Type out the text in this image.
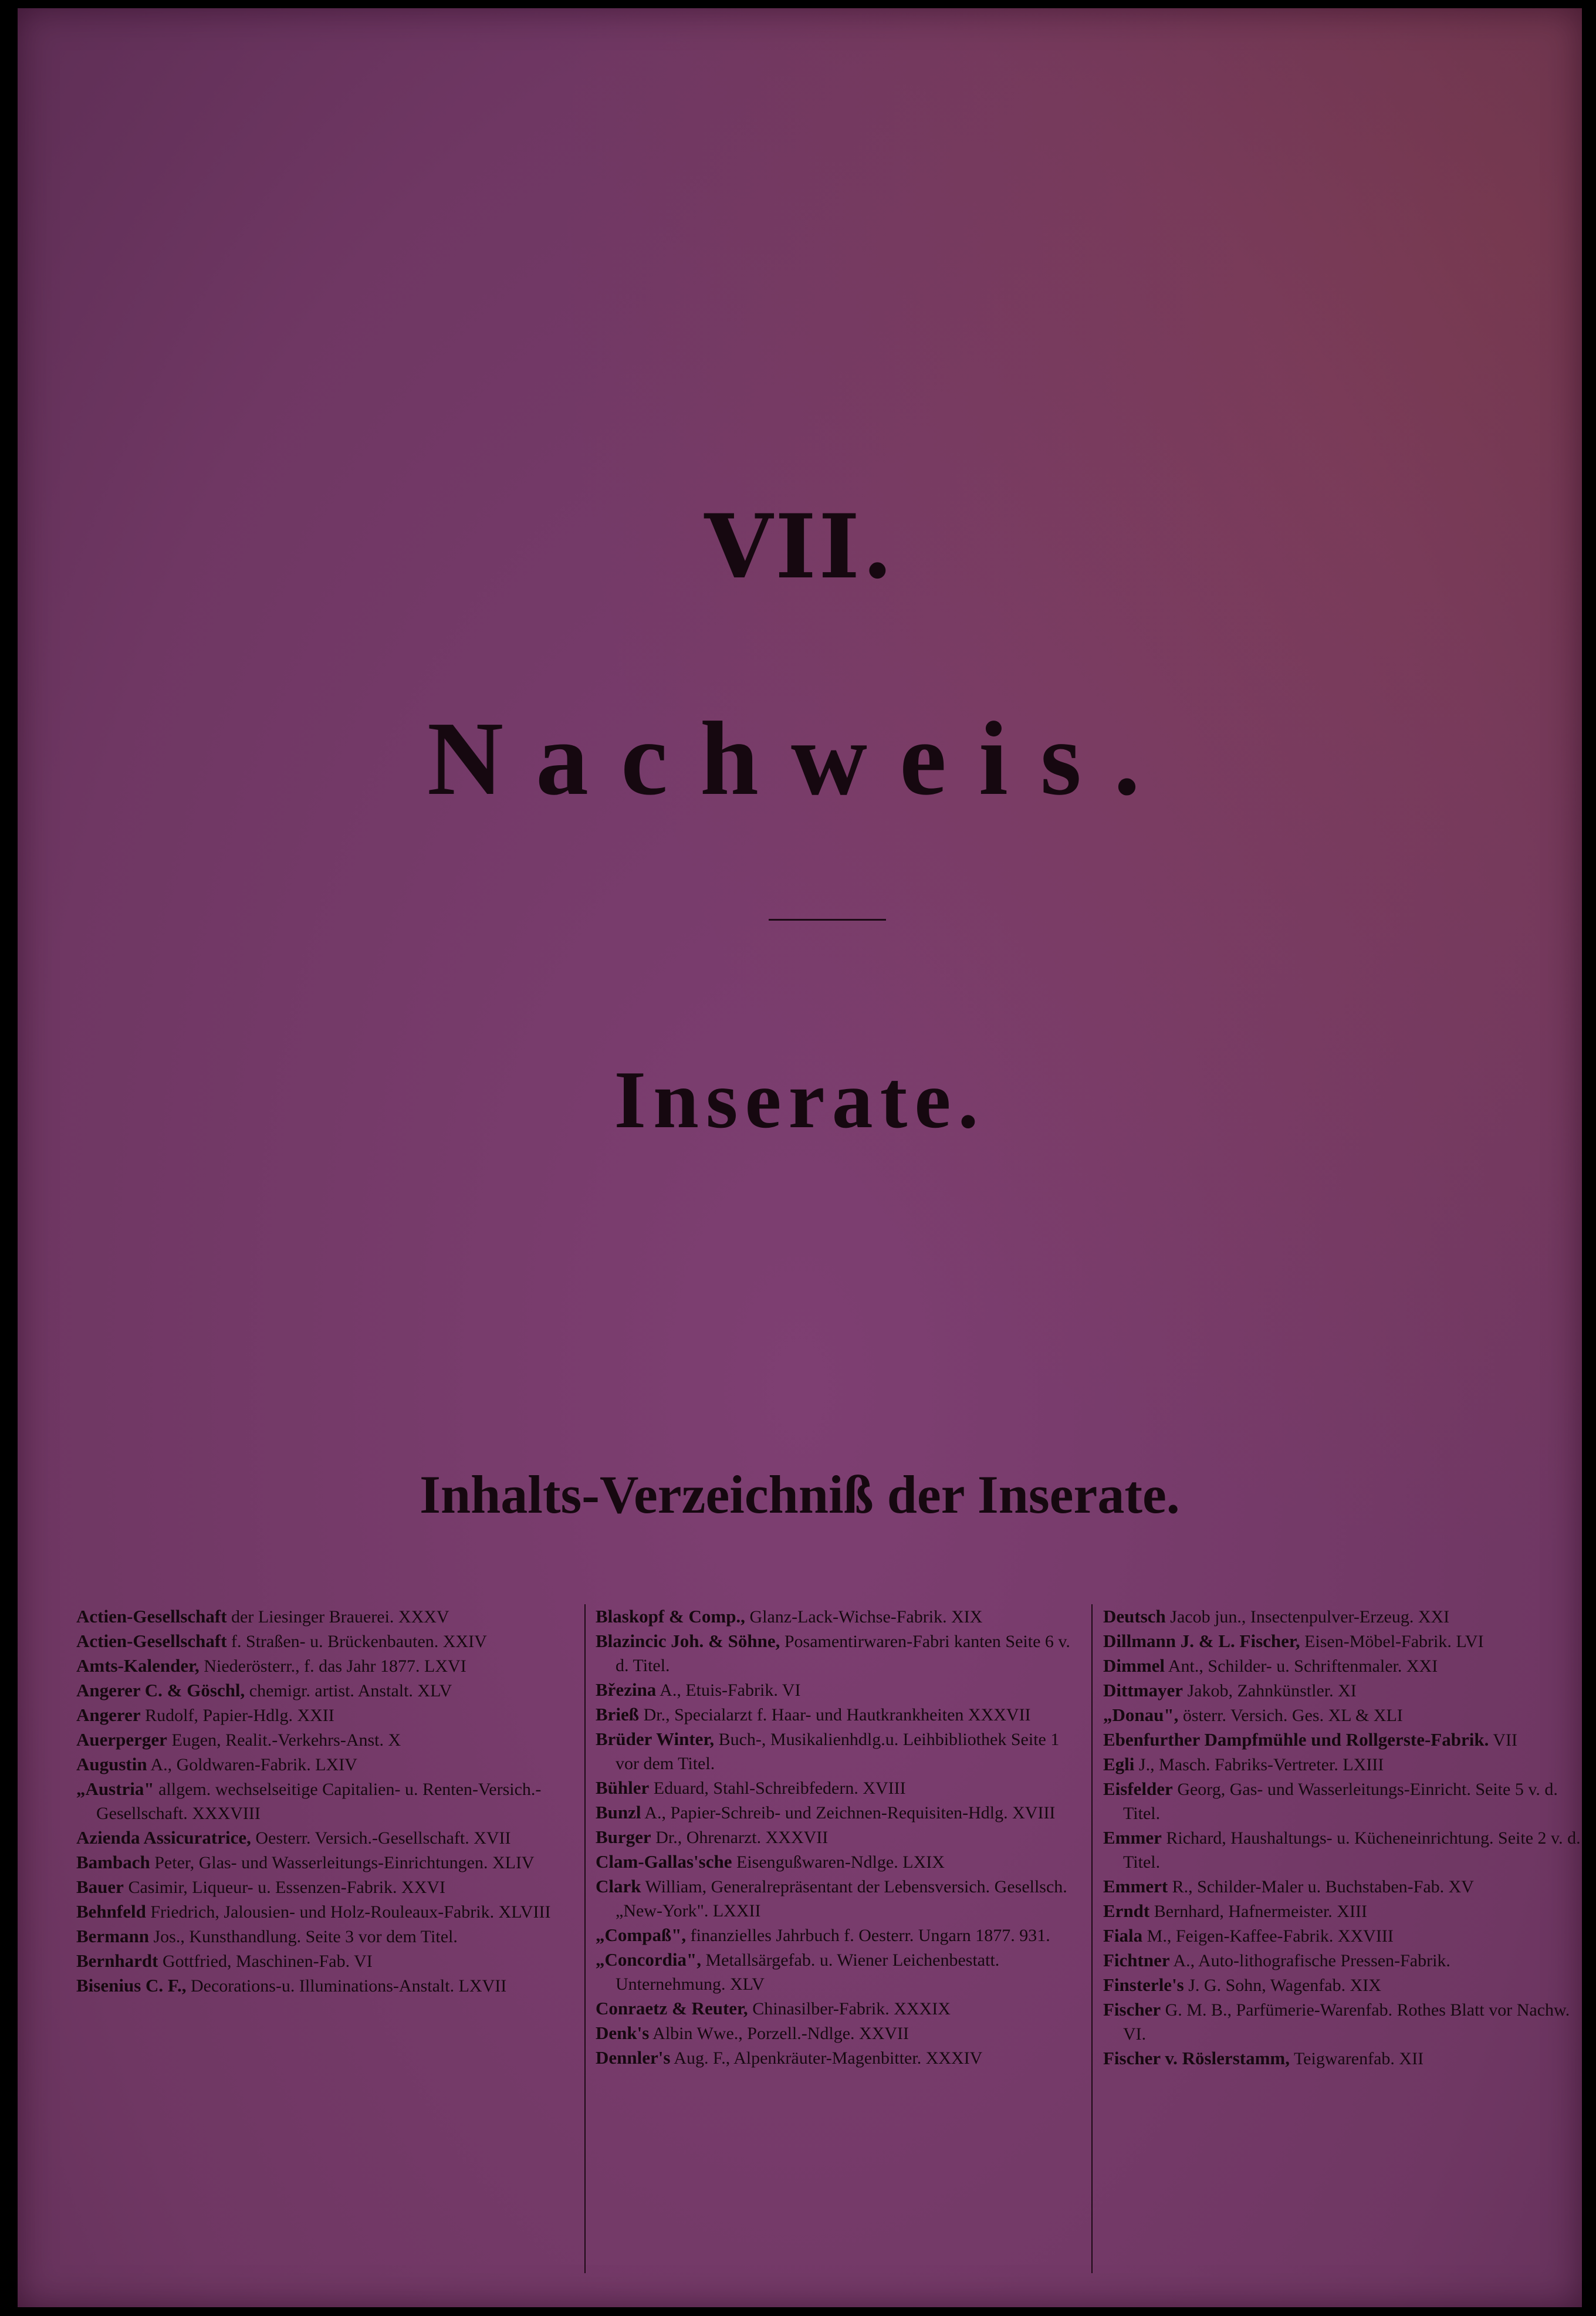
VII.
Nachweis.
Inserate.
Inhalts-Verzeichniß der Inserate.
Actien-Gesellschaft der Liesinger Brauerei. XXXV
Actien-Gesellschaft f. Straßen- u. Brückenbauten. XXIV
Amts-Kalender, Niederösterr., f. das Jahr 1877. LXVI
Angerer C. & Göschl, chemigr. artist. Anstalt. XLV
Angerer Rudolf, Papier-Hdlg. XXII
Auerperger Eugen, Realit.-Verkehrs-Anst. X
Augustin A., Goldwaren-Fabrik. LXIV
„Austria" allgem. wechselseitige Capitalien- u. Renten-Versich.-Gesellschaft. XXXVIII
Azienda Assicuratrice, Oesterr. Versich.-Gesellschaft. XVII
Bambach Peter, Glas- und Wasserleitungs-Einrichtungen. XLIV
Bauer Casimir, Liqueur- u. Essenzen-Fabrik. XXVI
Behnfeld Friedrich, Jalousien- und Holz-Rouleaux-Fabrik. XLVIII
Bermann Jos., Kunsthandlung. Seite 3 vor dem Titel.
Bernhardt Gottfried, Maschinen-Fab. VI
Bisenius C. F., Decorations-u. Illuminations-Anstalt. LXVII
Blaskopf & Comp., Glanz-Lack-Wichse-Fabrik. XIX
Blazincic Joh. & Söhne, Posamentirwaren-Fabri kanten Seite 6 v. d. Titel.
Březina A., Etuis-Fabrik. VI
Brieß Dr., Specialarzt f. Haar- und Hautkrankheiten XXXVII
Brüder Winter, Buch-, Musikalienhdlg.u. Leihbibliothek Seite 1 vor dem Titel.
Bühler Eduard, Stahl-Schreibfedern. XVIII
Bunzl A., Papier-Schreib- und Zeichnen-Requisiten-Hdlg. XVIII
Burger Dr., Ohrenarzt. XXXVII
Clam-Gallas'sche Eisengußwaren-Ndlge. LXIX
Clark William, Generalrepräsentant der Lebensversich. Gesellsch. „New-York". LXXII
„Compaß", finanzielles Jahrbuch f. Oesterr. Ungarn 1877. 931.
„Concordia", Metallsärgefab. u. Wiener Leichenbestatt. Unternehmung. XLV
Conraetz & Reuter, Chinasilber-Fabrik. XXXIX
Denk's Albin Wwe., Porzell.-Ndlge. XXVII
Dennler's Aug. F., Alpenkräuter-Magenbitter. XXXIV
Deutsch Jacob jun., Insectenpulver-Erzeug. XXI
Dillmann J. & L. Fischer, Eisen-Möbel-Fabrik. LVI
Dimmel Ant., Schilder- u. Schriftenmaler. XXI
Dittmayer Jakob, Zahnkünstler. XI
„Donau", österr. Versich. Ges. XL & XLI
Ebenfurther Dampfmühle und Rollgerste-Fabrik. VII
Egli J., Masch. Fabriks-Vertreter. LXIII
Eisfelder Georg, Gas- und Wasserleitungs-Einricht. Seite 5 v. d. Titel.
Emmer Richard, Haushaltungs- u. Kücheneinrichtung. Seite 2 v. d. Titel.
Emmert R., Schilder-Maler u. Buchstaben-Fab. XV
Erndt Bernhard, Hafnermeister. XIII
Fiala M., Feigen-Kaffee-Fabrik. XXVIII
Fichtner A., Auto-lithografische Pressen-Fabrik.
Finsterle's J. G. Sohn, Wagenfab. XIX
Fischer G. M. B., Parfümerie-Warenfab. Rothes Blatt vor Nachw. VI.
Fischer v. Röslerstamm, Teigwarenfab. XII
